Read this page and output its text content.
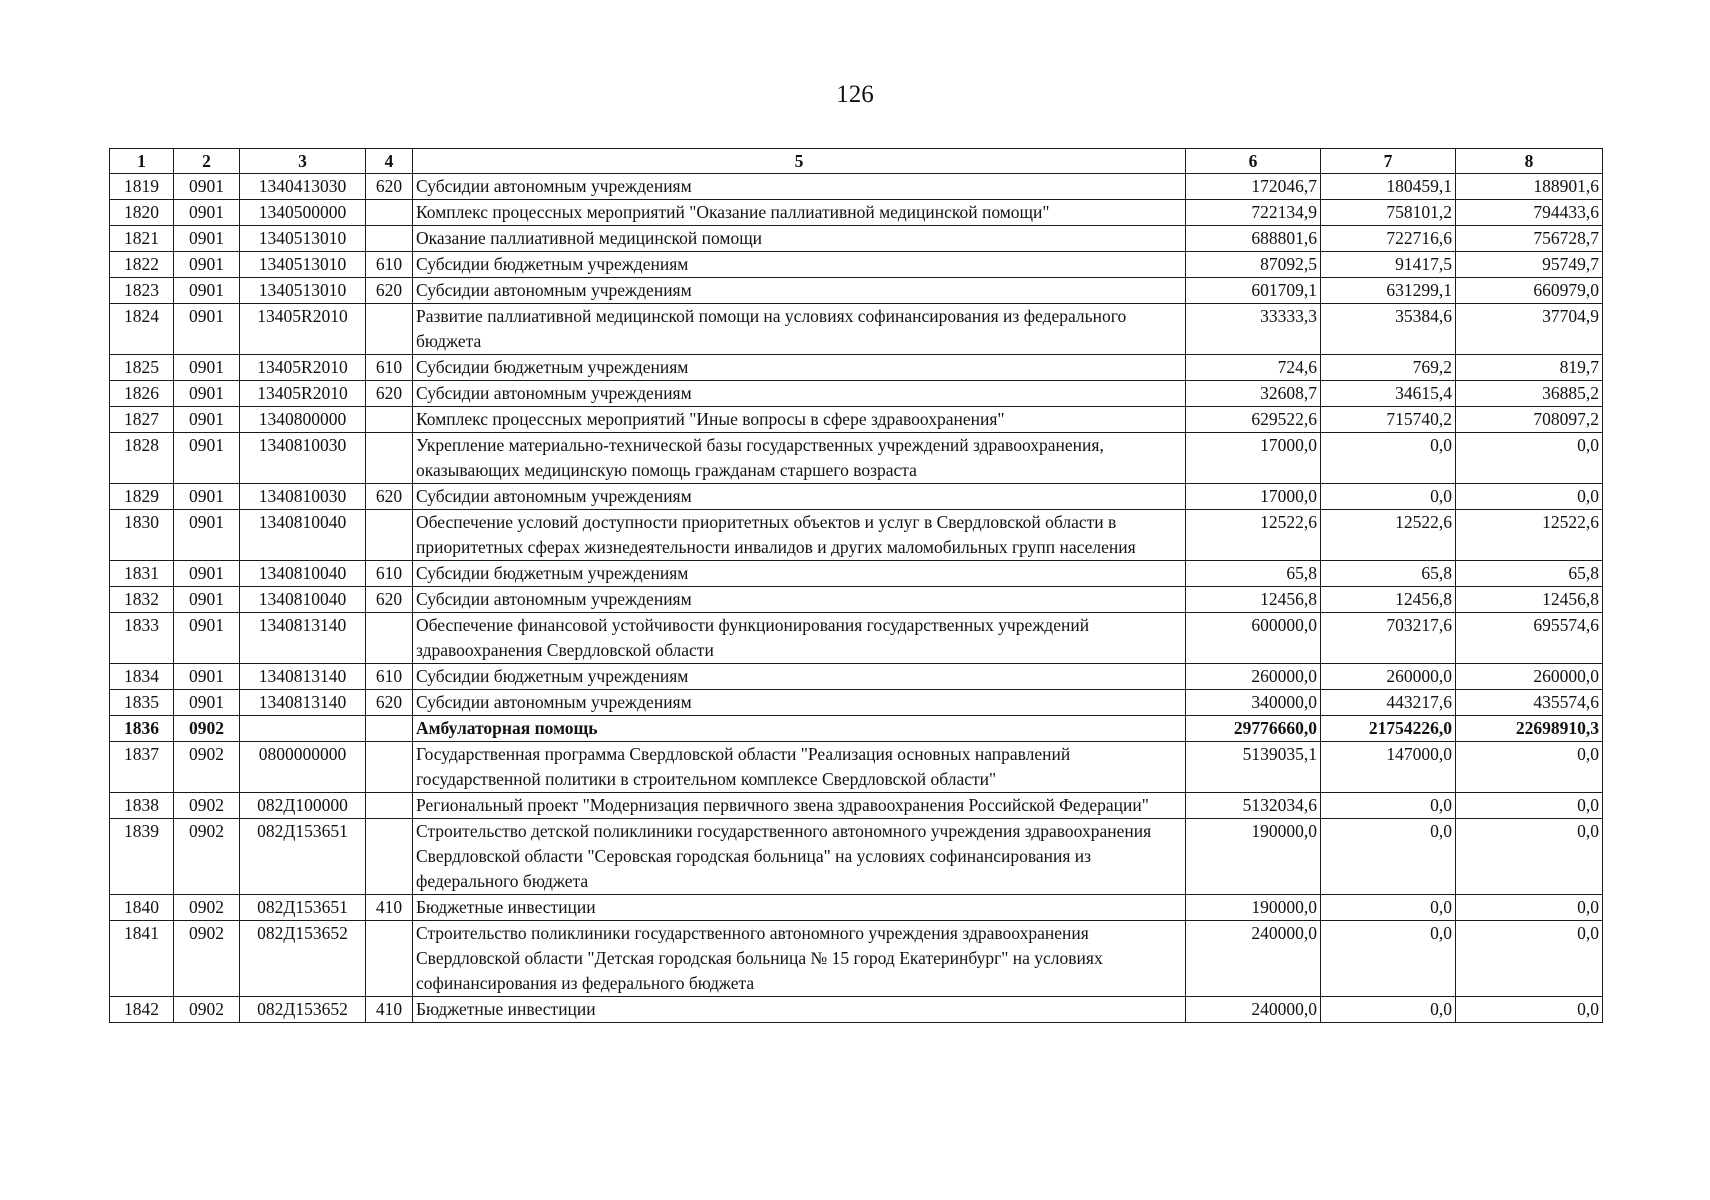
126
1	2	3	4	5	6	7	8
1819	0901	1340413030	620	Субсидии автономным учреждениям	172046,7	180459,1	188901,6
1820	0901	1340500000		Комплекс процессных мероприятий "Оказание паллиативной медицинской помощи"	722134,9	758101,2	794433,6
1821	0901	1340513010		Оказание паллиативной медицинской помощи	688801,6	722716,6	756728,7
1822	0901	1340513010	610	Субсидии бюджетным учреждениям	87092,5	91417,5	95749,7
1823	0901	1340513010	620	Субсидии автономным учреждениям	601709,1	631299,1	660979,0
1824	0901	13405R2010		Развитие паллиативной медицинской помощи на условиях софинансирования из федерального бюджета	33333,3	35384,6	37704,9
1825	0901	13405R2010	610	Субсидии бюджетным учреждениям	724,6	769,2	819,7
1826	0901	13405R2010	620	Субсидии автономным учреждениям	32608,7	34615,4	36885,2
1827	0901	1340800000		Комплекс процессных мероприятий "Иные вопросы в сфере здравоохранения"	629522,6	715740,2	708097,2
1828	0901	1340810030		Укрепление материально-технической базы государственных учреждений здравоохранения, оказывающих медицинскую помощь гражданам старшего возраста	17000,0	0,0	0,0
1829	0901	1340810030	620	Субсидии автономным учреждениям	17000,0	0,0	0,0
1830	0901	1340810040		Обеспечение условий доступности приоритетных объектов и услуг в Свердловской области в приоритетных сферах жизнедеятельности инвалидов и других маломобильных групп населения	12522,6	12522,6	12522,6
1831	0901	1340810040	610	Субсидии бюджетным учреждениям	65,8	65,8	65,8
1832	0901	1340810040	620	Субсидии автономным учреждениям	12456,8	12456,8	12456,8
1833	0901	1340813140		Обеспечение финансовой устойчивости функционирования государственных учреждений здравоохранения Свердловской области	600000,0	703217,6	695574,6
1834	0901	1340813140	610	Субсидии бюджетным учреждениям	260000,0	260000,0	260000,0
1835	0901	1340813140	620	Субсидии автономным учреждениям	340000,0	443217,6	435574,6
1836	0902			Амбулаторная помощь	29776660,0	21754226,0	22698910,3
1837	0902	0800000000		Государственная программа Свердловской области "Реализация основных направлений государственной политики в строительном комплексе Свердловской области"	5139035,1	147000,0	0,0
1838	0902	082Д100000		Региональный проект "Модернизация первичного звена здравоохранения Российской Федерации"	5132034,6	0,0	0,0
1839	0902	082Д153651		Строительство детской поликлиники государственного автономного учреждения здравоохранения Свердловской области "Серовская городская больница" на условиях софинансирования из федерального бюджета	190000,0	0,0	0,0
1840	0902	082Д153651	410	Бюджетные инвестиции	190000,0	0,0	0,0
1841	0902	082Д153652		Строительство поликлиники государственного автономного учреждения здравоохранения Свердловской области "Детская городская больница № 15 город Екатеринбург" на условиях софинансирования из федерального бюджета	240000,0	0,0	0,0
1842	0902	082Д153652	410	Бюджетные инвестиции	240000,0	0,0	0,0
